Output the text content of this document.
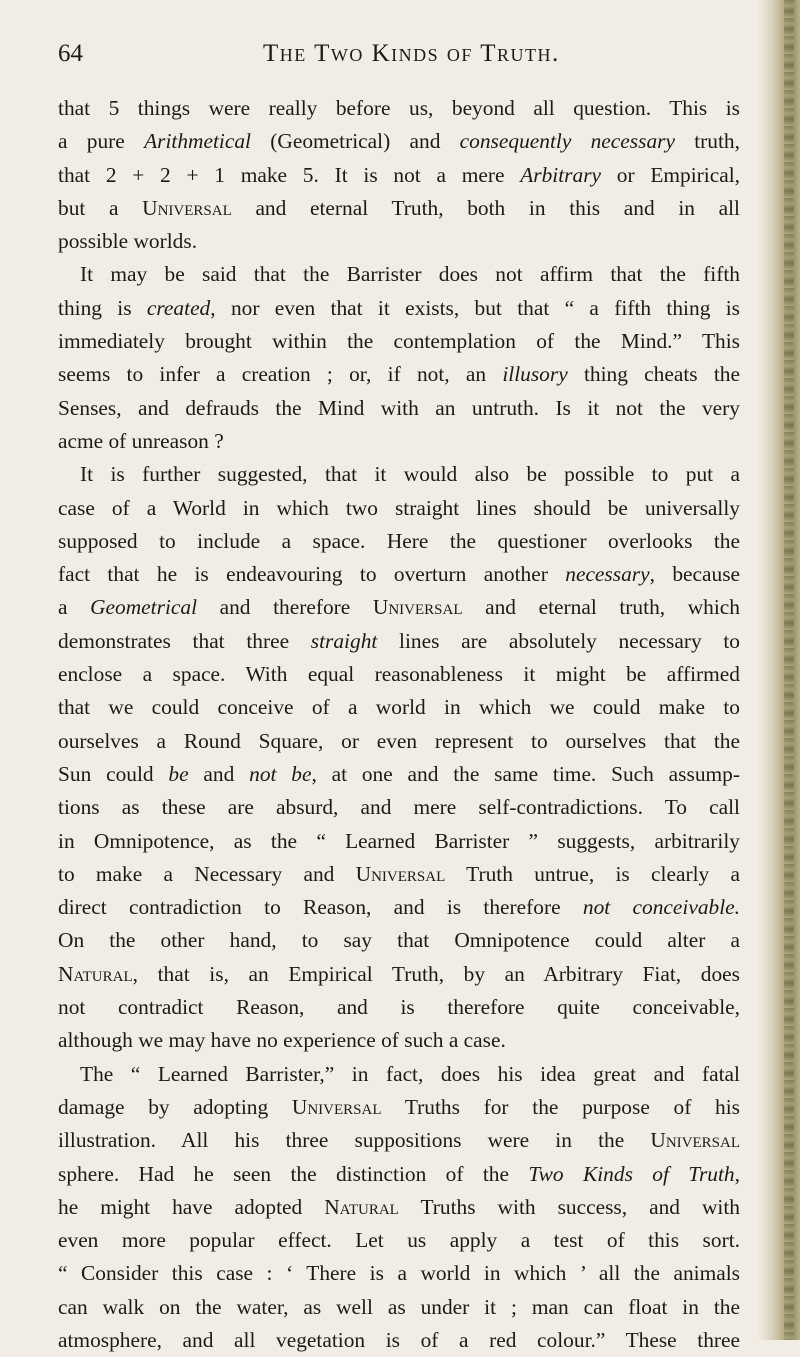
64	The Two Kinds of Truth.
that 5 things were really before us, beyond all question. This is
a pure Arithmetical (Geometrical) and consequently necessary truth,
that 2 + 2 + 1 make 5. It is not a mere Arbitrary or Empirical,
but a Universal and eternal Truth, both in this and in all
possible worlds.
It may be said that the Barrister does not affirm that the fifth
thing is created, nor even that it exists, but that “ a fifth thing is
immediately brought within the contemplation of the Mind.” This
seems to infer a creation ; or, if not, an illusory thing cheats the
Senses, and defrauds the Mind with an untruth. Is it not the very
acme of unreason ?
It is further suggested, that it would also be possible to put a
case of a World in which two straight lines should be universally
supposed to include a space. Here the questioner overlooks the
fact that he is endeavouring to overturn another necessary, because
a Geometrical and therefore Universal and eternal truth, which
demonstrates that three straight lines are absolutely necessary to
enclose a space. With equal reasonableness it might be affirmed
that we could conceive of a world in which we could make to
ourselves a Round Square, or even represent to ourselves that the
Sun could be and not be, at one and the same time. Such assump-
tions as these are absurd, and mere self-contradictions. To call
in Omnipotence, as the “ Learned Barrister ” suggests, arbitrarily
to make a Necessary and Universal Truth untrue, is clearly a
direct contradiction to Reason, and is therefore not conceivable.
On the other hand, to say that Omnipotence could alter a
Natural, that is, an Empirical Truth, by an Arbitrary Fiat, does
not contradict Reason, and is therefore quite conceivable,
although we may have no experience of such a case.
The “ Learned Barrister,” in fact, does his idea great and fatal
damage by adopting Universal Truths for the purpose of his
illustration. All his three suppositions were in the Universal
sphere. Had he seen the distinction of the Two Kinds of Truth,
he might have adopted Natural Truths with success, and with
even more popular effect. Let us apply a test of this sort.
“ Consider this case : ‘ There is a world in which ’ all the animals
can walk on the water, as well as under it ; man can float in the
atmosphere, and all vegetation is of a red colour.” These three
